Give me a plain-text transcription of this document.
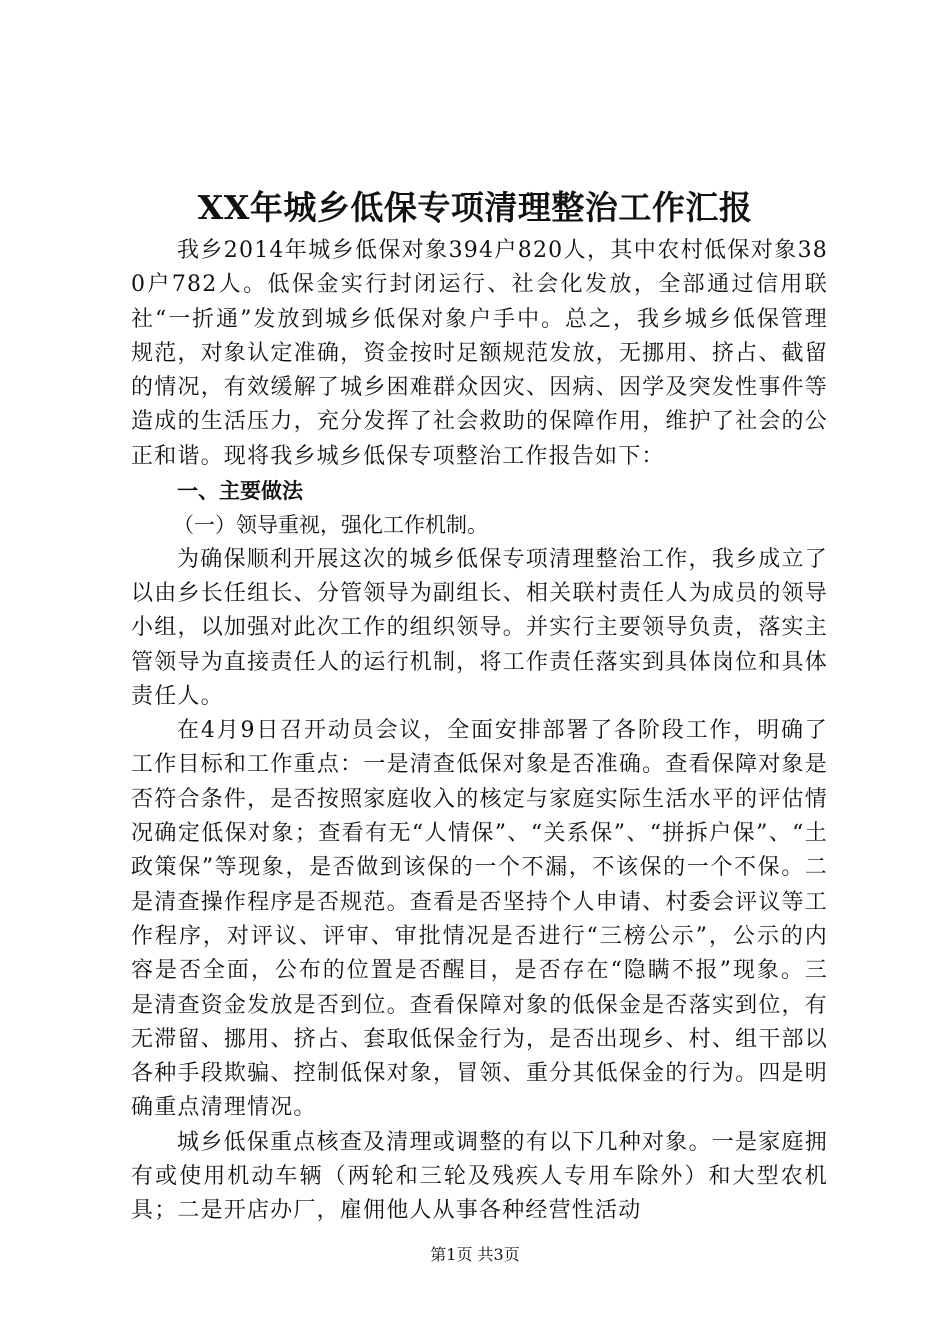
XX年城乡低保专项清理整治工作汇报

我乡2014年城乡低保对象394户820人，其中农村低保对象380户782人。低保金实行封闭运行、社会化发放，全部通过信用联社“一折通”发放到城乡低保对象户手中。总之，我乡城乡低保管理规范，对象认定准确，资金按时足额规范发放，无挪用、挤占、截留的情况，有效缓解了城乡困难群众因灾、因病、因学及突发性事件等造成的生活压力，充分发挥了社会救助的保障作用，维护了社会的公正和谐。现将我乡城乡低保专项整治工作报告如下：

一、主要做法

（一）领导重视，强化工作机制。

为确保顺利开展这次的城乡低保专项清理整治工作，我乡成立了以由乡长任组长、分管领导为副组长、相关联村责任人为成员的领导小组，以加强对此次工作的组织领导。并实行主要领导负责，落实主管领导为直接责任人的运行机制，将工作责任落实到具体岗位和具体责任人。

在4月9日召开动员会议，全面安排部署了各阶段工作，明确了工作目标和工作重点：一是清查低保对象是否准确。查看保障对象是否符合条件，是否按照家庭收入的核定与家庭实际生活水平的评估情况确定低保对象；查看有无“人情保”、“关系保”、“拼拆户保”、“土政策保”等现象，是否做到该保的一个不漏，不该保的一个不保。二是清查操作程序是否规范。查看是否坚持个人申请、村委会评议等工作程序，对评议、评审、审批情况是否进行“三榜公示”，公示的内容是否全面，公布的位置是否醒目，是否存在“隐瞒不报”现象。三是清查资金发放是否到位。查看保障对象的低保金是否落实到位，有无滞留、挪用、挤占、套取低保金行为，是否出现乡、村、组干部以各种手段欺骗、控制低保对象，冒领、重分其低保金的行为。四是明确重点清理情况。

城乡低保重点核查及清理或调整的有以下几种对象。一是家庭拥有或使用机动车辆（两轮和三轮及残疾人专用车除外）和大型农机具；二是开店办厂，雇佣他人从事各种经营性活动

第1页 共3页
